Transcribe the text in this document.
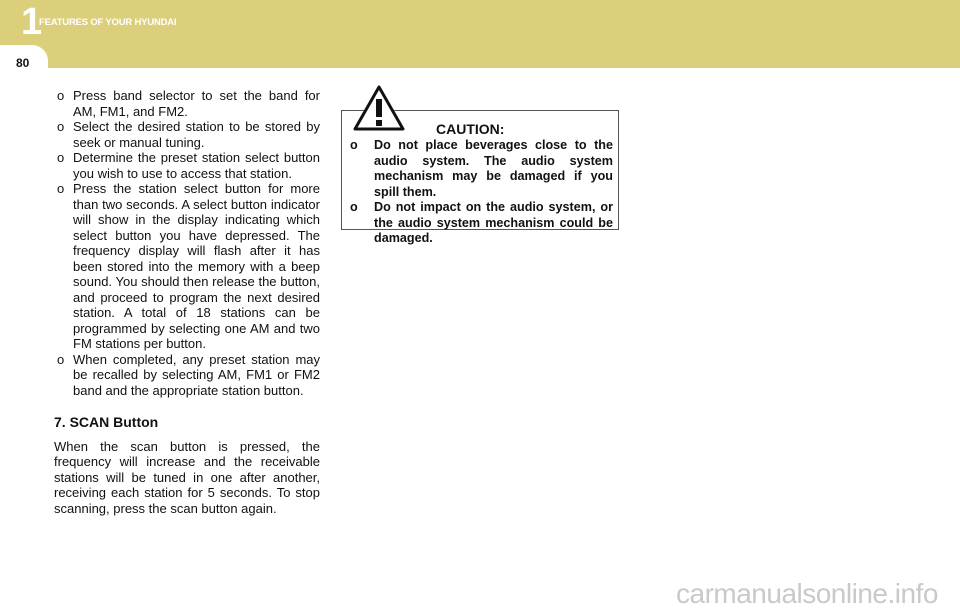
1
FEATURES OF YOUR HYUNDAI
80
o Press band selector to set the band for AM, FM1, and FM2.
o Select the desired station to be stored by seek or manual tuning.
o Determine the preset station select button you wish to use to access that station.
o Press the station select button for more than two seconds. A select button indicator will show in the display indicating which select button you have depressed. The frequency display will flash after it has been stored into the memory with a beep sound. You should then release the button, and proceed to program the next desired station. A total of 18 stations can be programmed by selecting one AM and two FM stations per button.
o When completed, any preset station may be recalled by selecting AM, FM1 or FM2 band and the appropriate station button.
7. SCAN Button
When the scan button is pressed, the frequency will increase and the receivable stations will be tuned in one after another, receiving each station for 5 seconds. To stop scanning, press the scan button again.
CAUTION:
o Do not place beverages close to the audio system. The audio system mechanism may be damaged if you spill them.
o Do not impact on the audio system, or the audio system mechanism could be damaged.
carmanualsonline.info
